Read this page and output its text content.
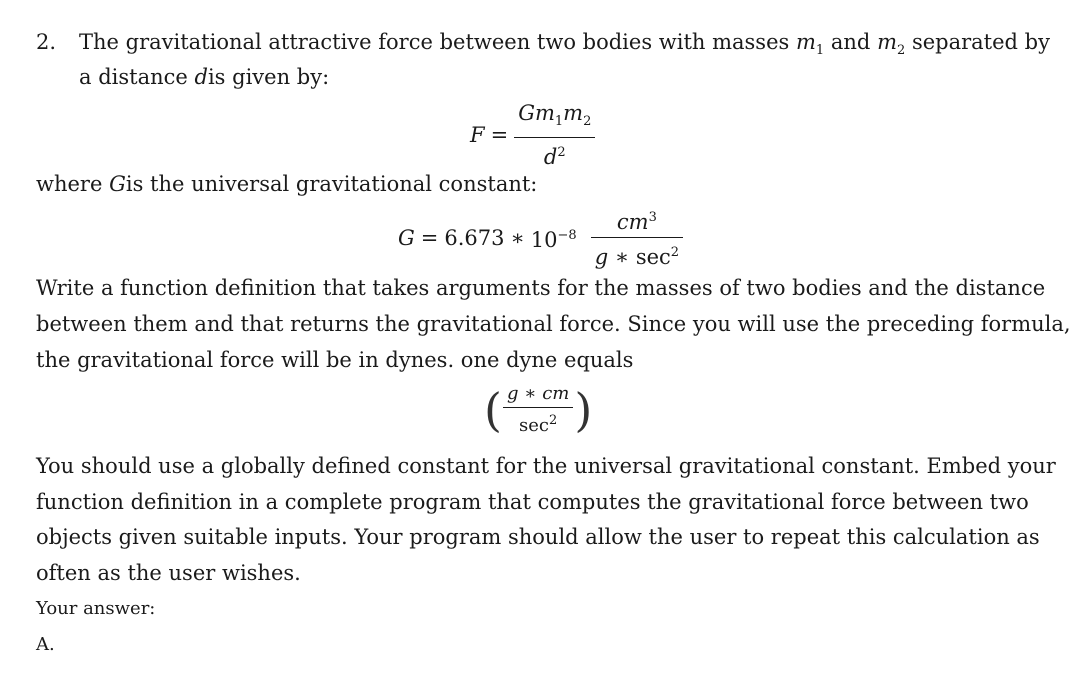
2. The gravitational attractive force between two bodies with masses $m_1$ and $m_2$ separated by
a distance dis given by:
$F = \frac{Gm_1m_2}{d^2}$
where Gis the universal gravitational constant:
G = 6.673 ∗ $10^{-8} \frac{cm^3}{g ∗ \sec^2}$
Write a function definition that takes arguments for the masses of two bodies and the distance
between them and that returns the gravitational force. Since you will use the preceding formula,
the gravitational force will be in dynes. one dyne equals
( $\frac{g ∗ cm}{\sec^2}$ )
You should use a globally defined constant for the universal gravitational constant. Embed your
function definition in a complete program that computes the gravitational force between two
objects given suitable inputs. Your program should allow the user to repeat this calculation as
often as the user wishes.
Your answer:
A.
